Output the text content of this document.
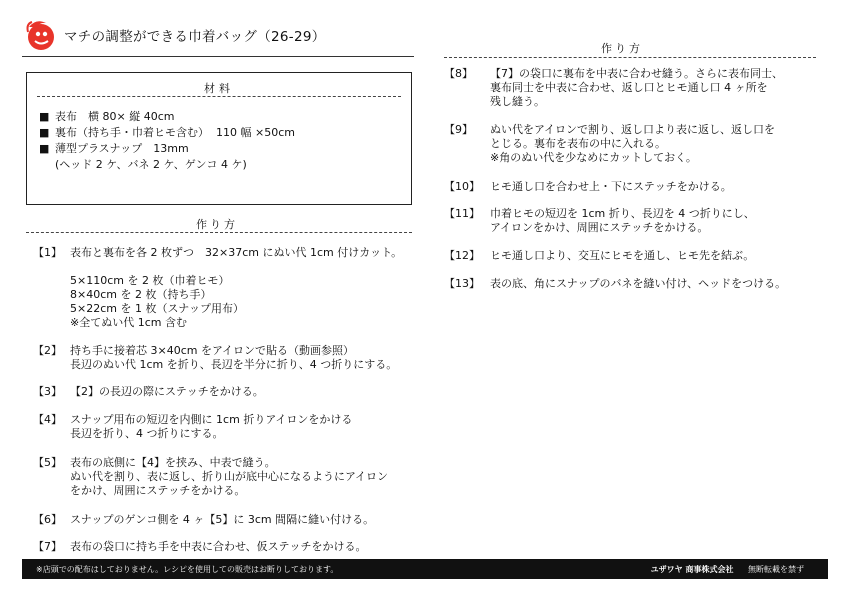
マチの調整ができる巾着バッグ（26-29）
材料
■ 表布　横 80× 縦 40cm
■ 裏布（持ち手・巾着ヒモ含む）  110 幅 ×50cm
■ 薄型プラスナップ　13mm
(ヘッド 2 ケ、バネ 2 ケ、ゲンコ 4 ケ)
作り方
作り方
【1】 表布と裏布を各 2 枚ずつ　32×37cm にぬい代 1cm 付けカット。
5×110cm を 2 枚（巾着ヒモ）
8×40cm を 2 枚（持ち手）
5×22cm を 1 枚（スナップ用布）
※全てぬい代 1cm 含む
【2】 持ち手に接着芯 3×40cm をアイロンで貼る（動画参照）
長辺のぬい代 1cm を折り、長辺を半分に折り、4 つ折りにする。
【3】 【2】の長辺の際にステッチをかける。
【4】 スナップ用布の短辺を内側に 1cm 折りアイロンをかける
長辺を折り、4 つ折りにする。
【5】 表布の底側に【4】を挟み、中表で縫う。
ぬい代を割り、表に返し、折り山が底中心になるようにアイロン
をかけ、周囲にステッチをかける。
【6】 スナップのゲンコ側を 4 ヶ【5】に 3cm 間隔に縫い付ける。
【7】 表布の袋口に持ち手を中表に合わせ、仮ステッチをかける。
【8】 【7】の袋口に裏布を中表に合わせ縫う。さらに表布同士、
裏布同士を中表に合わせ、返し口とヒモ通し口 4 ヶ所を
残し縫う。
【9】 ぬい代をアイロンで割り、返し口より表に返し、返し口を
とじる。裏布を表布の中に入れる。
※角のぬい代を少なめにカットしておく。
【10】 ヒモ通し口を合わせ上・下にステッチをかける。
【11】 巾着ヒモの短辺を 1cm 折り、長辺を 4 つ折りにし、
アイロンをかけ、周囲にステッチをかける。
【12】 ヒモ通し口より、交互にヒモを通し、ヒモ先を結ぶ。
【13】 表の底、角にスナップのバネを縫い付け、ヘッドをつける。
※店頭での配布はしておりません。レシピを使用しての販売はお断りしております。	ユザワヤ 商事株式会社 無断転載を禁ず
